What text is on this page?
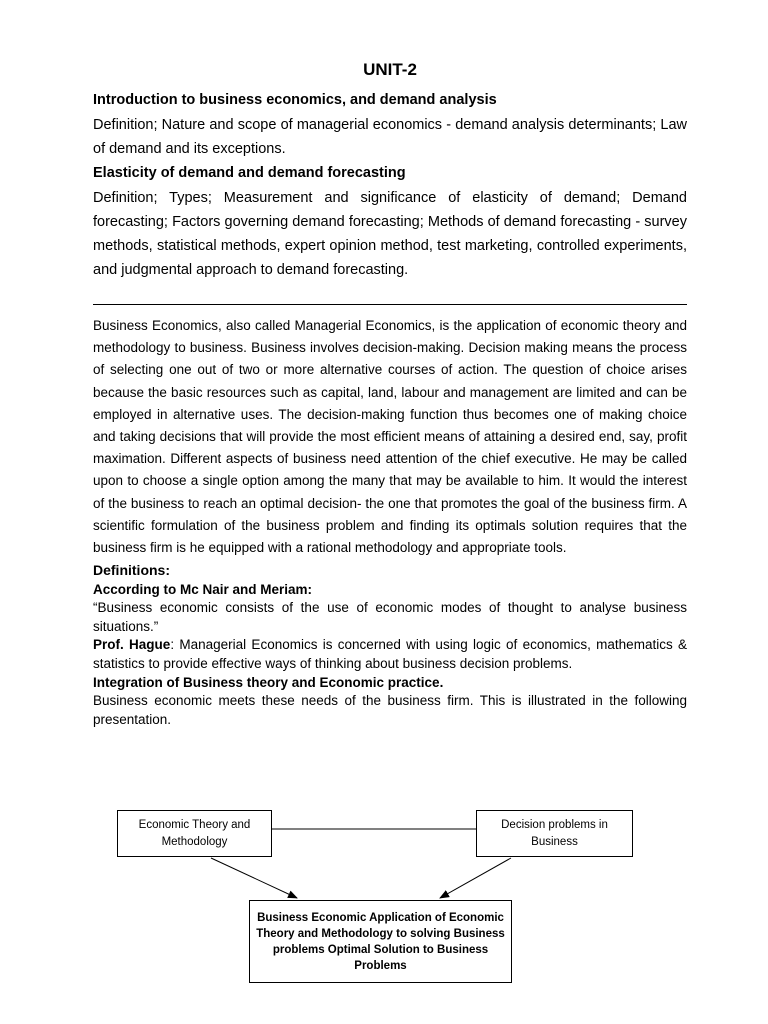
UNIT-2

Introduction to business economics, and demand analysis

Definition; Nature and scope of managerial economics - demand analysis determinants; Law of demand and its exceptions.

Elasticity of demand and demand forecasting

Definition; Types; Measurement and significance of elasticity of demand; Demand forecasting; Factors governing demand forecasting; Methods of demand forecasting - survey methods, statistical methods, expert opinion method, test marketing, controlled experiments, and judgmental approach to demand forecasting.

Business Economics, also called Managerial Economics, is the application of economic theory and methodology to business. Business involves decision-making. Decision making means the process of selecting one out of two or more alternative courses of action. The question of choice arises because the basic resources such as capital, land, labour and management are limited and can be employed in alternative uses. The decision-making function thus becomes one of making choice and taking decisions that will provide the most efficient means of attaining a desired end, say, profit maximation. Different aspects of business need attention of the chief executive. He may be called upon to choose a single option among the many that may be available to him. It would the interest of the business to reach an optimal decision- the one that promotes the goal of the business firm. A scientific formulation of the business problem and finding its optimals solution requires that the business firm is he equipped with a rational methodology and appropriate tools.

Definitions:

According to Mc Nair and Meriam:

“Business economic consists of the use of economic modes of thought to analyse business situations.”

Prof. Hague: Managerial Economics is concerned with using logic of economics, mathematics & statistics to provide effective ways of thinking about business decision problems.

Integration of Business theory and Economic practice.

Business economic meets these needs of the business firm. This is illustrated in the following presentation.

Economic Theory and Methodology
Decision problems in Business
Business Economic Application of Economic Theory and Methodology to solving Business problems Optimal Solution to Business Problems
